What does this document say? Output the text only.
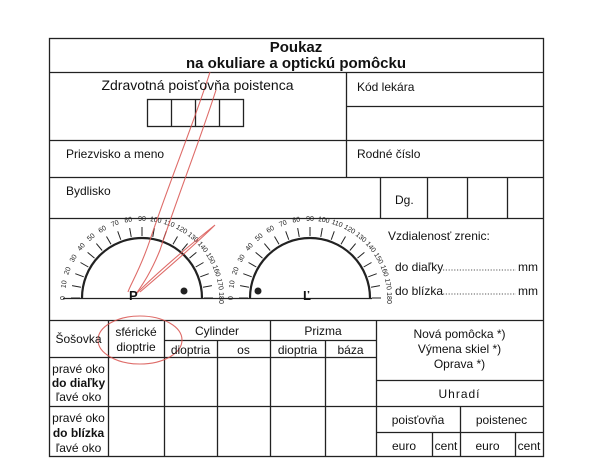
180
170
160
150
140
130
120
110
100
90
80
70
60
50
40
30
20
10
0	180
170
160
150
140
130
120
110
100
90
80
70
60
50
40
30
20
10
0
Poukaz
na okuliare a optickú pomôcku
Zdravotná poisťovňa poistenca	Kód lekára
Priezvisko a meno	Rodné číslo
Bydlisko
Dg.
Vzdialenosť zrenic:
do diaľky	mm
do blízka	mm
P	Ľ
Šošovka	sférické
dioptrie
Cylinder	Prizma
dioptria	os	dioptria	báza
pravé oko
do diaľky
ľavé oko
pravé oko
do blízka
ľavé oko
Nová pomôcka *)
Výmena skiel *)
Oprava *)
Uhradí
poisťovňa	poistenec
euro	cent	euro	cent
